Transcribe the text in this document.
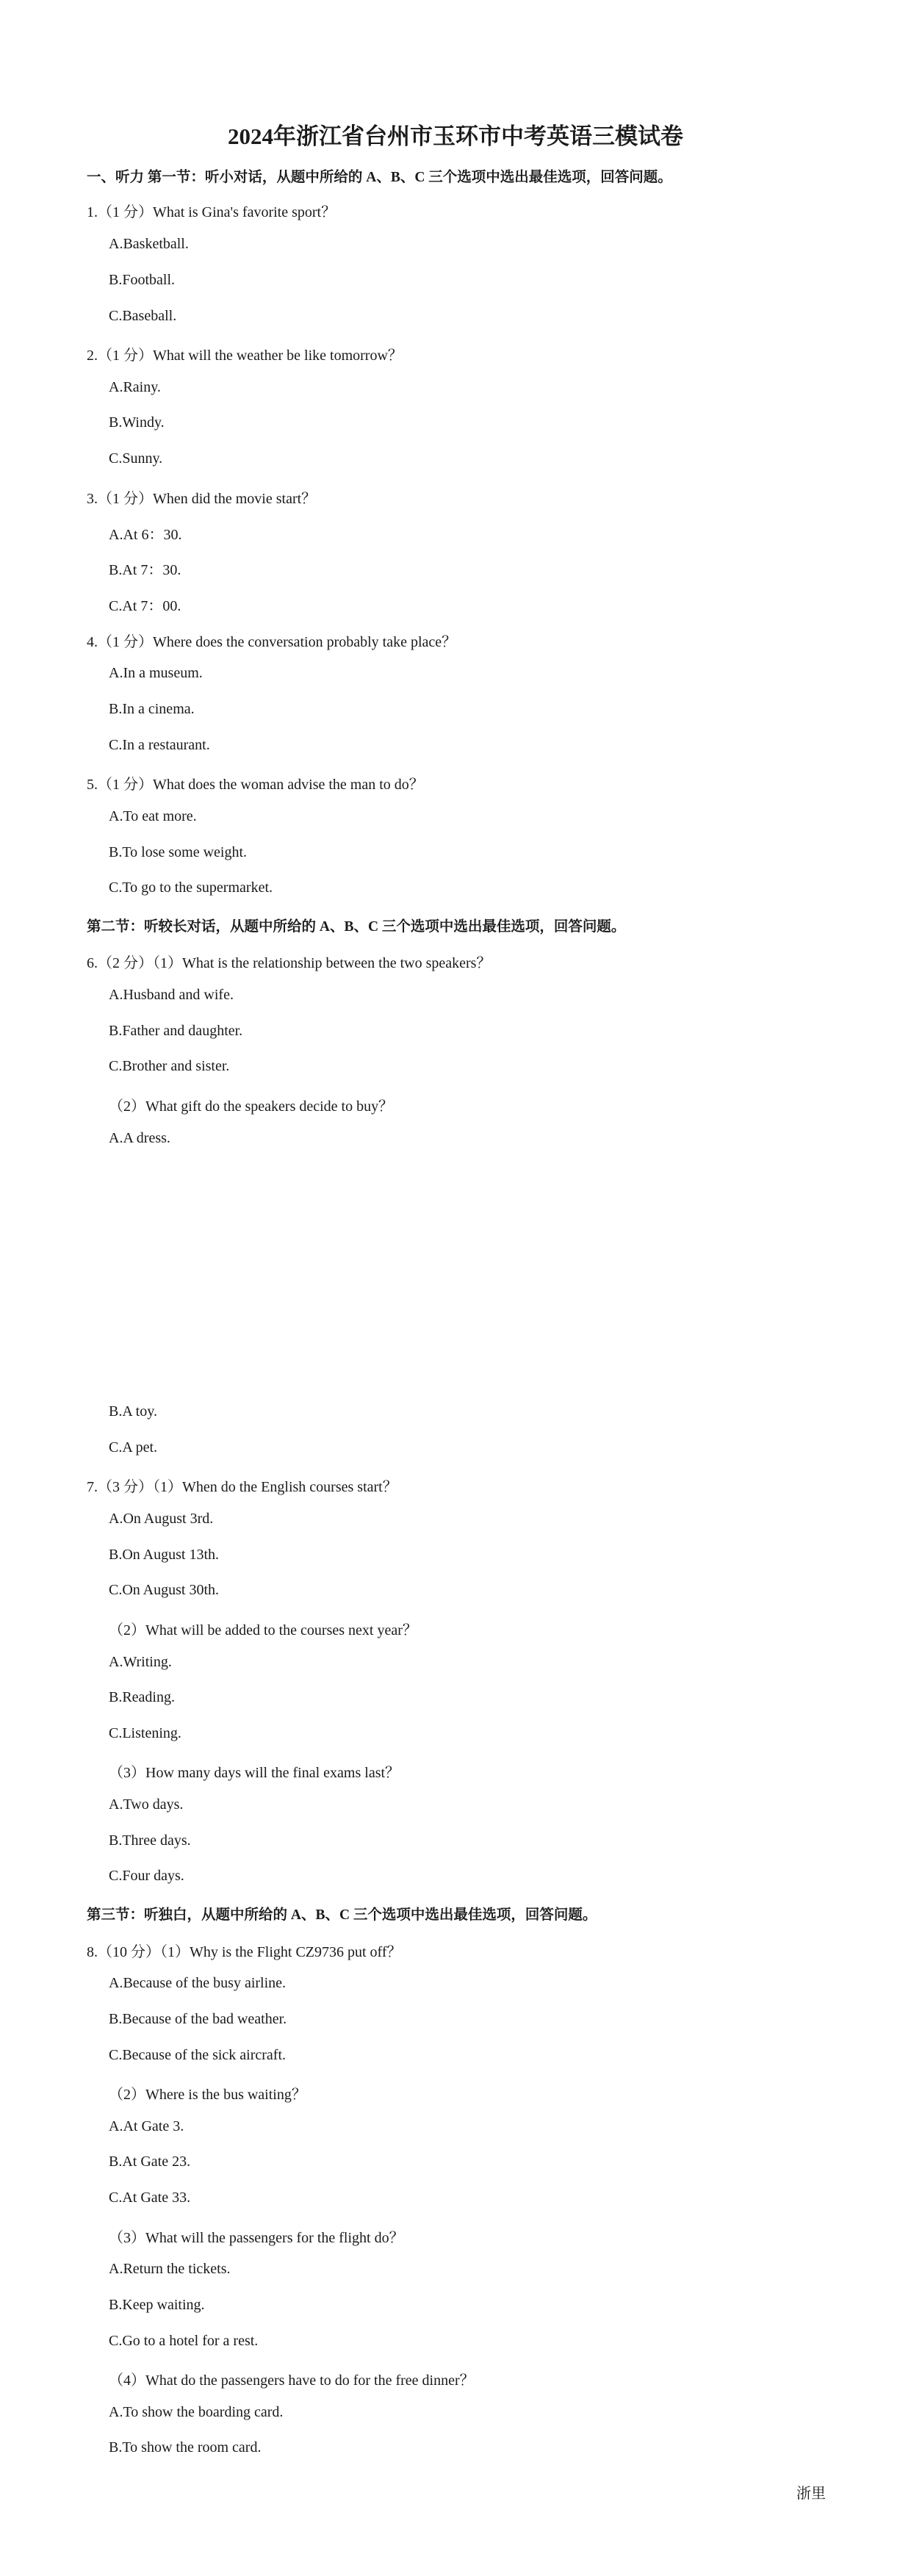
2024年浙江省台州市玉环市中考英语三模试卷
一、听力 第一节：听小对话，从题中所给的 A、B、C 三个选项中选出最佳选项，回答问题。
1.（1 分）What is Gina's favorite sport？
A.Basketball.
B.Football.
C.Baseball.
2.（1 分）What will the weather be like tomorrow？
A.Rainy.
B.Windy.
C.Sunny.
3.（1 分）When did the movie start？
A.At 6：30.
B.At 7：30.
C.At 7：00.
4.（1 分）Where does the conversation probably take place？
A.In a museum.
B.In a cinema.
C.In a restaurant.
5.（1 分）What does the woman advise the man to do？
A.To eat more.
B.To lose some weight.
C.To go to the supermarket.
第二节：听较长对话，从题中所给的 A、B、C 三个选项中选出最佳选项，回答问题。
6.（2 分）（1）What is the relationship between the two speakers？
A.Husband and wife.
B.Father and daughter.
C.Brother and sister.
（2）What gift do the speakers decide to buy？
A.A dress.
B.A toy.
C.A pet.
7.（3 分）（1）When do the English courses start？
A.On August 3rd.
B.On August 13th.
C.On August 30th.
（2）What will be added to the courses next year？
A.Writing.
B.Reading.
C.Listening.
（3）How many days will the final exams last？
A.Two days.
B.Three days.
C.Four days.
第三节：听独白，从题中所给的 A、B、C 三个选项中选出最佳选项，回答问题。
8.（10 分）（1）Why is the Flight CZ9736 put off？
A.Because of the busy airline.
B.Because of the bad weather.
C.Because of the sick aircraft.
（2）Where is the bus waiting？
A.At Gate 3.
B.At Gate 23.
C.At Gate 33.
（3）What will the passengers for the flight do？
A.Return the tickets.
B.Keep waiting.
C.Go to a hotel for a rest.
（4）What do the passengers have to do for the free dinner？
A.To show the boarding card.
B.To show the room card.
浙里
